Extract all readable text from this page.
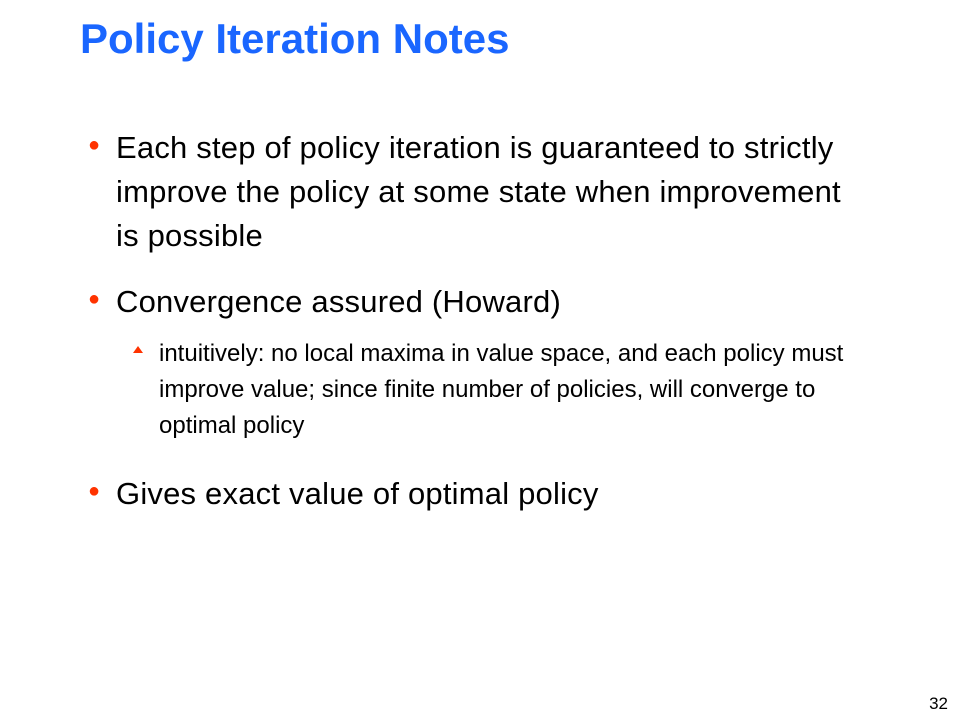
Policy Iteration Notes
● Each step of policy iteration is guaranteed to strictly improve the policy at some state when improvement is possible
● Convergence assured (Howard)
intuitively: no local maxima in value space, and each policy must improve value; since finite number of policies, will converge to optimal policy
● Gives exact value of optimal policy
32
